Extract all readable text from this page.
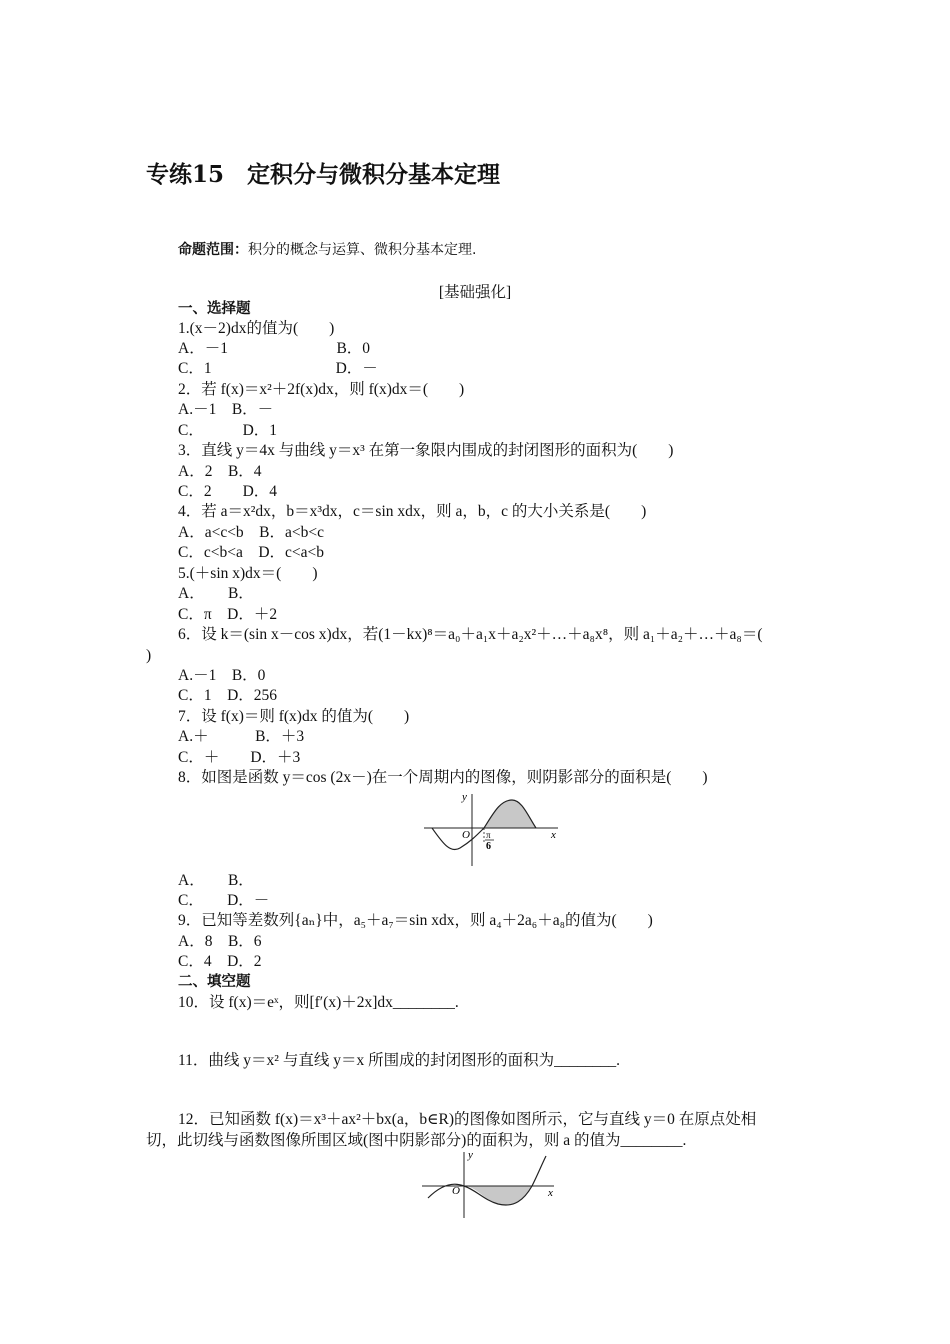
专练15　定积分与微积分基本定理
命题范围：积分的概念与运算、微积分基本定理.
[基础强化]
一、选择题
1.(x－2)dx的值为(　　)
A．－1　　　　　　　B．0
C．1　　　　　　　　D．－
2．若 f(x)＝x²＋2f(x)dx，则 f(x)dx＝(　　)
A.－1　B．－
C．　　　D．1
3．直线 y＝4x 与曲线 y＝x³ 在第一象限内围成的封闭图形的面积为(　　)
A．2　B．4
C．2　　D．4
4．若 a＝x²dx，b＝x³dx，c＝sin xdx，则 a，b，c 的大小关系是(　　)
A．a<c<b　B．a<b<c
C．c<b<a　D．c<a<b
5.(＋sin x)dx＝(　　)
A．　　B．
C．π　D．＋2
6．设 k＝(sin x－cos x)dx，若(1－kx)⁸＝a₀＋a₁x＋a₂x²＋…＋a₈x⁸，则 a₁＋a₂＋…＋a₈＝(
)
A.－1　B．0
C．1　D．256
7．设 f(x)＝则 f(x)dx 的值为(　　)
A.＋　　　B．＋3
C．＋　　D．＋3
8．如图是函数 y＝cos (2x－)在一个周期内的图像，则阴影部分的面积是(　　)
y
x
O π
6
A．　　B．
C．　　D．－
9．已知等差数列{aₙ}中，a₅＋a₇＝sin xdx，则 a₄＋2a₆＋a₈的值为(　　)
A．8　B．6
C．4　D．2
二、填空题
10．设 f(x)＝eˣ，则[f′(x)＋2x]dx________.
11．曲线 y＝x² 与直线 y＝x 所围成的封闭图形的面积为________.
12．已知函数 f(x)＝x³＋ax²＋bx(a，b∈R)的图像如图所示，它与直线 y＝0 在原点处相
切，此切线与函数图像所围区域(图中阴影部分)的面积为，则 a 的值为________.
y
x
O
